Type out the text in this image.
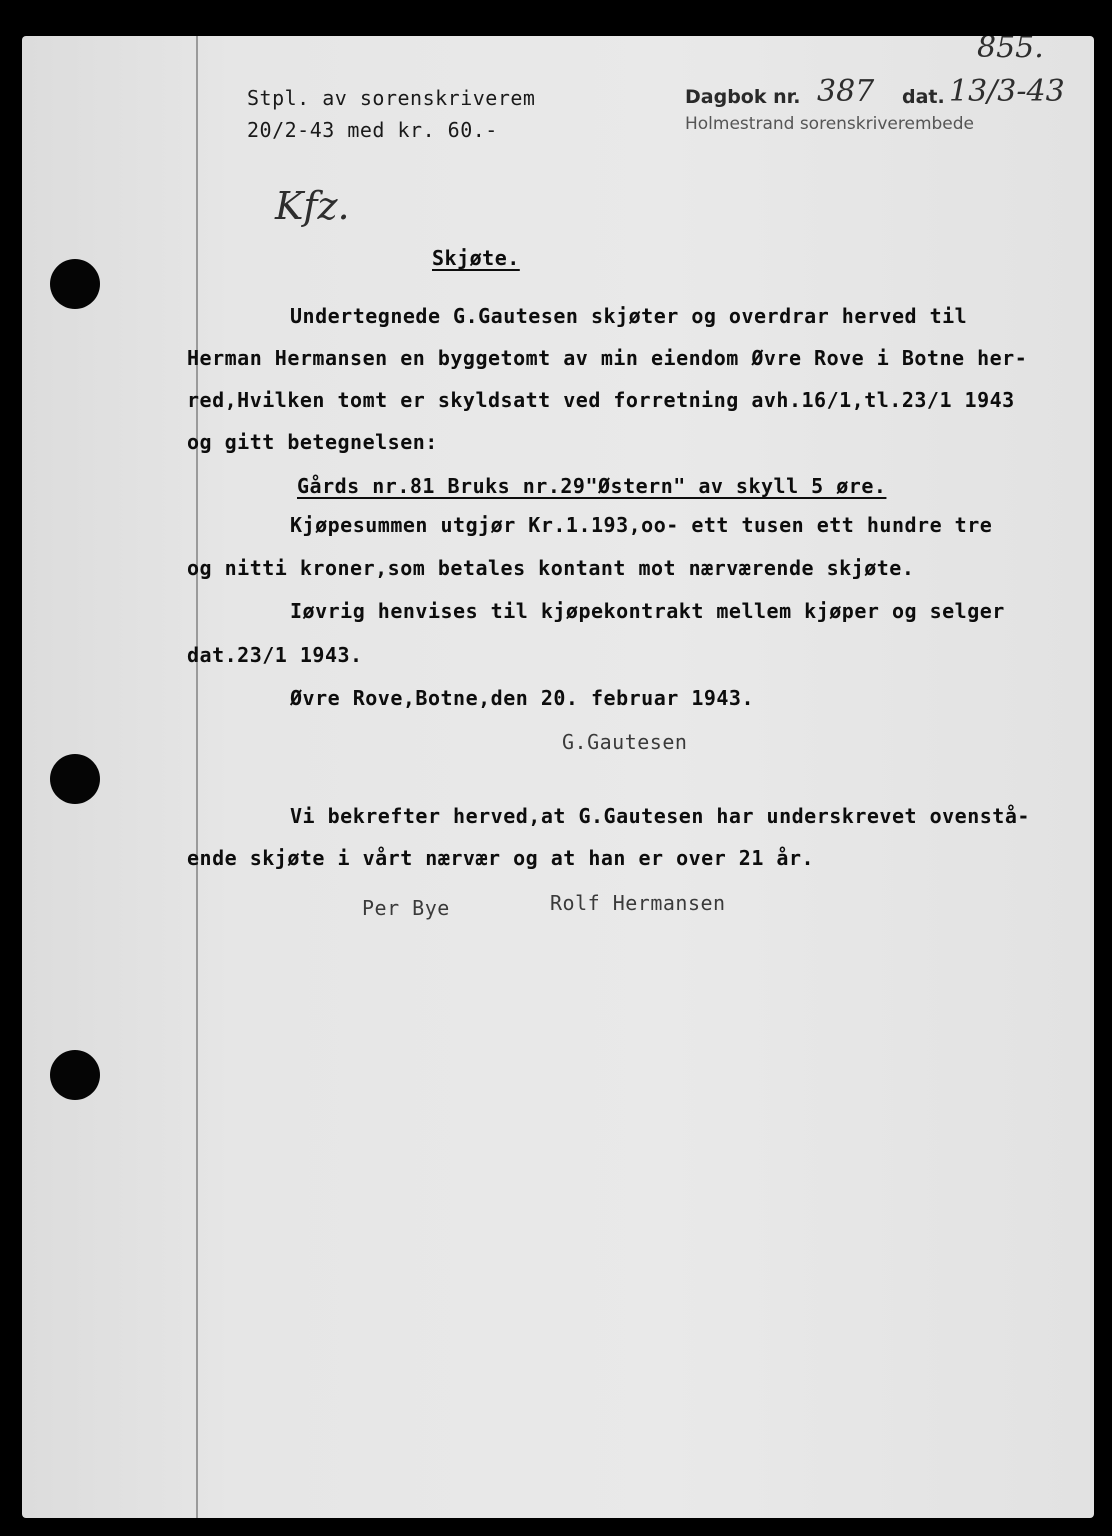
Stpl. av sorenskriverem
20/2-43 med kr. 60.-
Dagbok nr. 387 dat. 13/3-43
855.
Holmestrand sorenskriverembede
Kfz.
Skjøte.
Undertegnede G.Gautesen skjøter og overdrar herved til
Herman Hermansen en byggetomt av min eiendom Øvre Rove i Botne her-
red,Hvilken tomt er skyldsatt ved forretning avh.16/1,tl.23/1 1943
og gitt betegnelsen:
Gårds nr.81 Bruks nr.29"Østern" av skyll 5 øre.
Kjøpesummen utgjør Kr.1.193,oo- ett tusen ett hundre tre
og nitti kroner,som betales kontant mot nærværende skjøte.
Iøvrig henvises til kjøpekontrakt mellem kjøper og selger
dat.23/1 1943.
Øvre Rove,Botne,den 20. februar 1943.
G.Gautesen
Vi bekrefter herved,at G.Gautesen har underskrevet ovenstå-
ende skjøte i vårt nærvær og at han er over 21 år.
Per Bye	Rolf Hermansen
